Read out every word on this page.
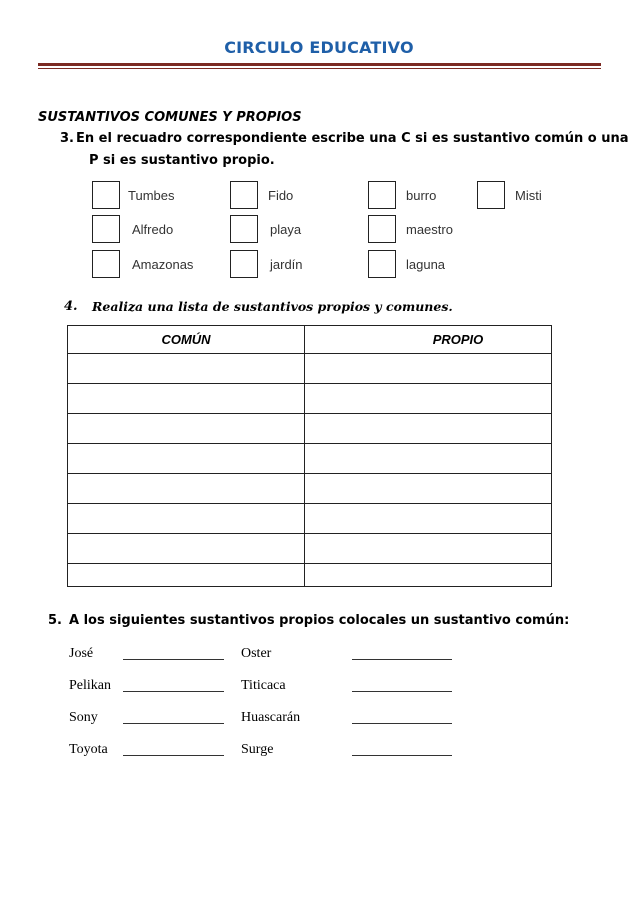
CIRCULO EDUCATIVO
SUSTANTIVOS COMUNES Y PROPIOS
3. En el recuadro correspondiente escribe una C si es sustantivo común o una
P si es sustantivo propio.
Tumbes	Fido	burro	Misti
Alfredo	playa	maestro
Amazonas	jardín	laguna
4. Realiza una lista de sustantivos propios y comunes.
COMÚN	PROPIO

5. A los siguientes sustantivos propios colocales un sustantivo común:
José	Oster
Pelikan	Titicaca
Sony	Huascarán
Toyota	Surge
